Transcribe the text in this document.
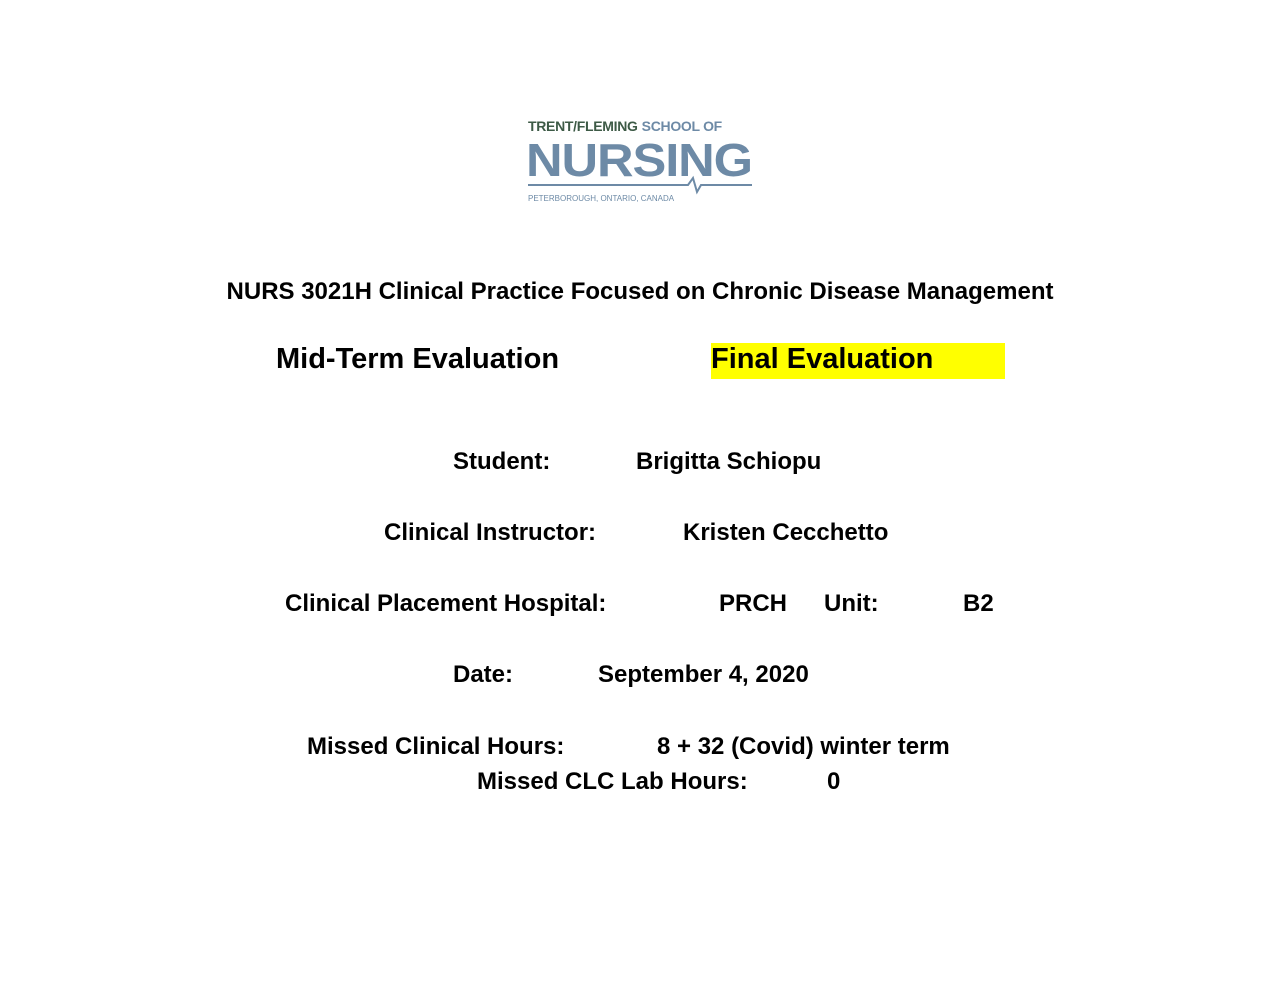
TRENT/FLEMING SCHOOL OF
NURSING
PETERBOROUGH, ONTARIO, CANADA
NURS 3021H Clinical Practice Focused on Chronic Disease Management
Mid-Term Evaluation	Final Evaluation
Student:	Brigitta Schiopu
Clinical Instructor:	Kristen Cecchetto
Clinical Placement Hospital:	PRCH Unit:	B2
Date:	September 4, 2020
Missed Clinical Hours:	8 + 32 (Covid) winter term
Missed CLC Lab Hours:	0
